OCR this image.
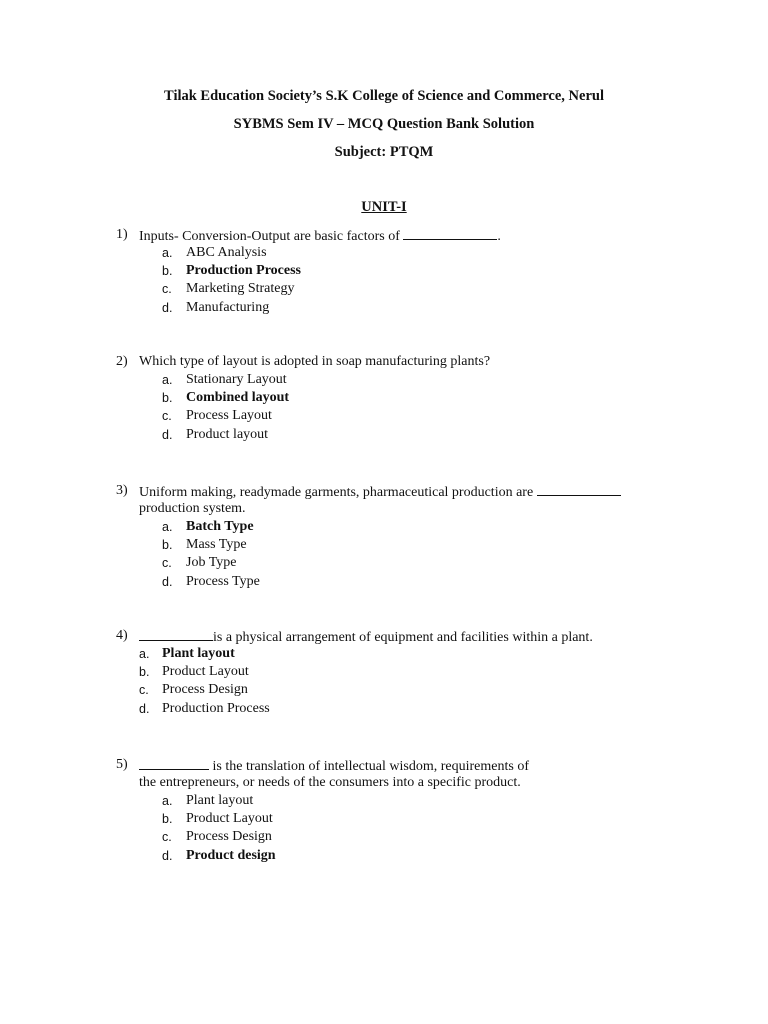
Tilak Education Society’s S.K College of Science and Commerce, Nerul
SYBMS Sem IV – MCQ Question Bank Solution
Subject: PTQM
UNIT-I
1) Inputs- Conversion-Output are basic factors of	.
a. ABC Analysis
b. Production Process
c. Marketing Strategy
d. Manufacturing
2) Which type of layout is adopted in soap manufacturing plants?
a. Stationary Layout
b. Combined layout
c. Process Layout
d. Product layout
3) Uniform making, readymade garments, pharmaceutical production are
production system.
a. Batch Type
b. Mass Type
c. Job Type
d. Process Type
4)	is a physical arrangement of equipment and facilities within a plant.
a. Plant layout
b. Product Layout
c. Process Design
d. Production Process
5)	is the translation of intellectual wisdom, requirements of
the entrepreneurs, or needs of the consumers into a specific product.
a. Plant layout
b. Product Layout
c. Process Design
d. Product design
